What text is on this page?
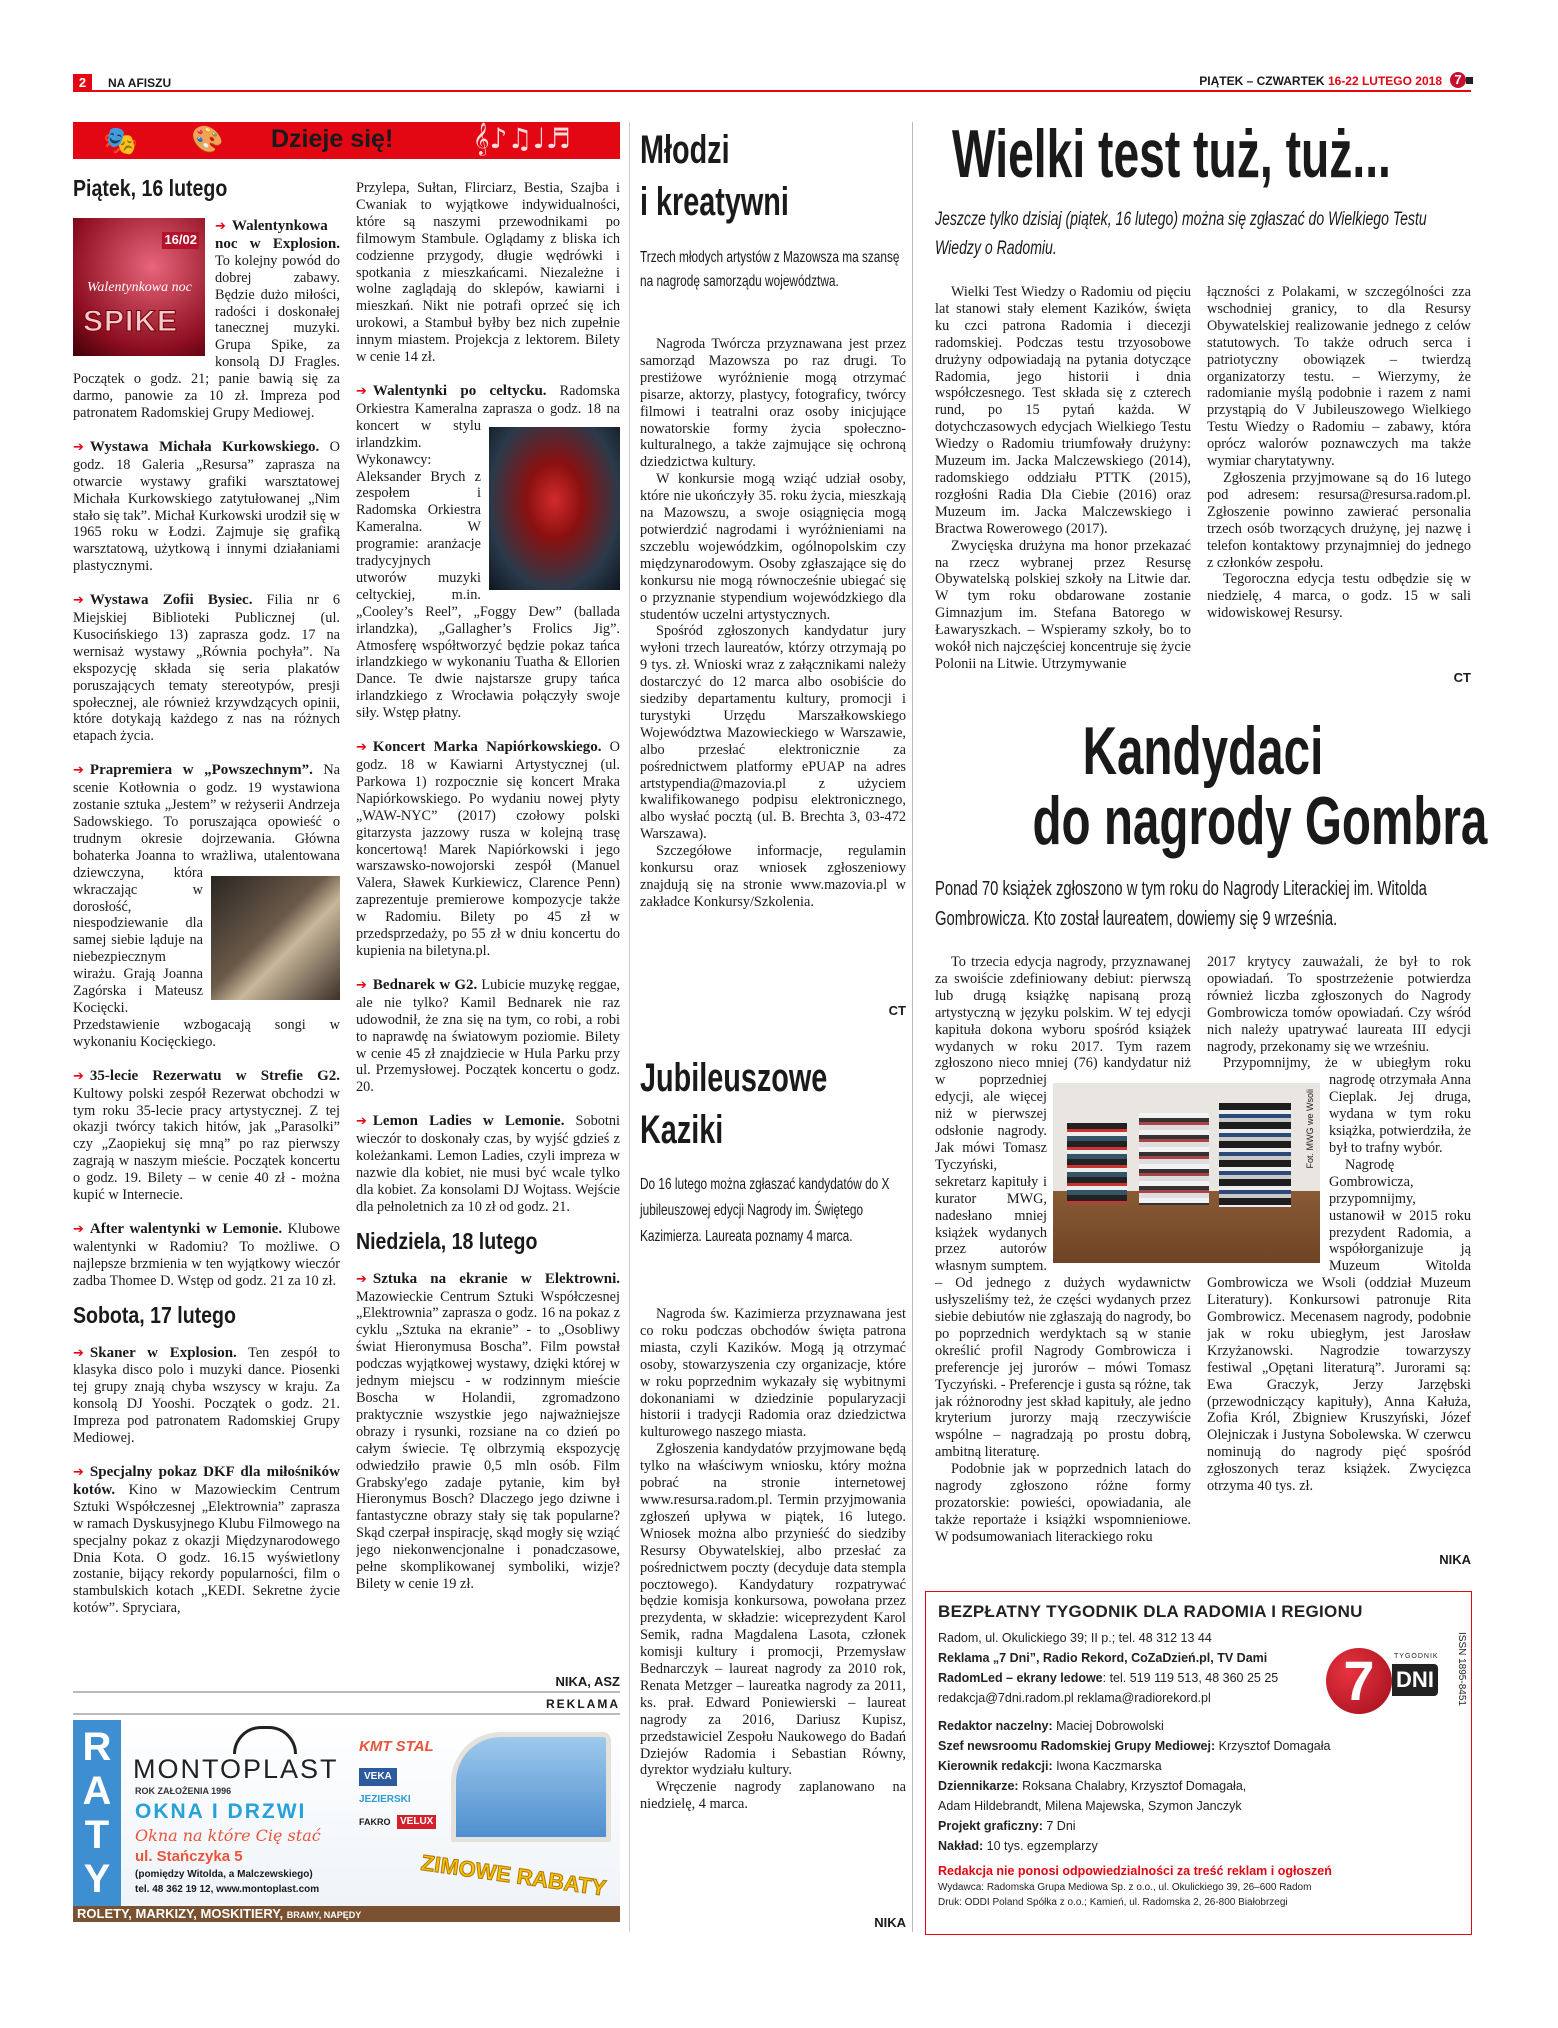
2	NA AFISZU	PIĄTEK – CZWARTEK 16-22 LUTEGO 2018 7
🎭 🎨 Dzieje się!	𝄞♪♫♩♬
Piątek, 16 lutego
16/02
Walentynkowa noc
SPIKE

➔ Walentynkowa noc w Explosion. To kolejny powód do dobrej zabawy. Będzie dużo miłości, radości i doskonałej tanecznej muzyki. Grupa Spike, za konsolą DJ Fragles. Początek o godz. 21; panie bawią się za darmo, panowie za 10 zł. Impreza pod patronatem Radomskiej Grupy Mediowej.

➔ Wystawa Michała Kurkowskiego. O godz. 18 Galeria „Resursa” zaprasza na otwarcie wystawy grafiki warsztatowej Michała Kurkowskiego zatytułowanej „Nim stało się tak”. Michał Kurkowski urodził się w 1965 roku w Łodzi. Zajmuje się grafiką warsztatową, użytkową i innymi działaniami plastycznymi.

➔ Wystawa Zofii Bysiec. Filia nr 6 Miejskiej Biblioteki Publicznej (ul. Kusocińskiego 13) zaprasza godz. 17 na wernisaż wystawy „Równia pochyła”. Na ekspozycję składa się seria plakatów poruszających tematy stereotypów, presji społecznej, ale również krzywdzących opinii, które dotykają każdego z nas na różnych etapach życia.

➔ Prapremiera w „Powszechnym”. Na scenie Kotłownia o godz. 19 wystawiona zostanie sztuka „Jestem” w reżyserii Andrzeja Sadowskiego. To poruszająca opowieść o trudnym okresie dojrzewania. Główna bohaterka Joanna to wrażliwa, utalentowana dziewczyna, która wkraczając w dorosłość, niespodziewanie dla samej siebie ląduje na niebezpiecznym wirażu. Grają Joanna Zagórska i Mateusz Kocięcki. Przedstawienie wzbogacają songi w wykonaniu Kocięckiego.

➔ 35-lecie Rezerwatu w Strefie G2. Kultowy polski zespół Rezerwat obchodzi w tym roku 35-lecie pracy artystycznej. Z tej okazji twórcy takich hitów, jak „Parasolki” czy „Zaopiekuj się mną” po raz pierwszy zagrają w naszym mieście. Początek koncertu o godz. 19. Bilety – w cenie 40 zł - można kupić w Internecie.

➔ After walentynki w Lemonie. Klubowe walentynki w Radomiu? To możliwe. O najlepsze brzmienia w ten wyjątkowy wieczór zadba Thomee D. Wstęp od godz. 21 za 10 zł.

Sobota, 17 lutego

➔ Skaner w Explosion. Ten zespół to klasyka disco polo i muzyki dance. Piosenki tej grupy znają chyba wszyscy w kraju. Za konsolą DJ Yooshi. Początek o godz. 21. Impreza pod patronatem Radomskiej Grupy Mediowej.

➔ Specjalny pokaz DKF dla miłośników kotów. Kino w Mazowieckim Centrum Sztuki Współczesnej „Elektrownia” zaprasza w ramach Dyskusyjnego Klubu Filmowego na specjalny pokaz z okazji Międzynarodowego Dnia Kota. O godz. 16.15 wyświetlony zostanie, bijący rekordy popularności, film o stambulskich kotach „KEDI. Sekretne życie kotów”. Spryciara,

Przylepa, Sułtan, Flirciarz, Bestia, Szajba i Cwaniak to wyjątkowe indywidualności, które są naszymi przewodnikami po filmowym Stambule. Oglądamy z bliska ich codzienne przygody, długie wędrówki i spotkania z mieszkańcami. Niezależne i wolne zaglądają do sklepów, kawiarni i mieszkań. Nikt nie potrafi oprzeć się ich urokowi, a Stambuł byłby bez nich zupełnie innym miastem. Projekcja z lektorem. Bilety w cenie 14 zł.

➔ Walentynki po celtycku. Radomska Orkiestra Kameralna zaprasza o godz. 18 na koncert w stylu irlandzkim. Wykonawcy: Aleksander Brych z zespołem i Radomska Orkiestra Kameralna. W programie: aranżacje tradycyjnych utworów muzyki celtyckiej, m.in. „Cooley’s Reel”, „Foggy Dew” (ballada irlandzka), „Gallagher’s Frolics Jig”. Atmosferę współtworzyć będzie pokaz tańca irlandzkiego w wykonaniu Tuatha & Ellorien Dance. Te dwie najstarsze grupy tańca irlandzkiego z Wrocławia połączyły swoje siły. Wstęp płatny.

➔ Koncert Marka Napiórkowskiego. O godz. 18 w Kawiarni Artystycznej (ul. Parkowa 1) rozpocznie się koncert Mraka Napiórkowskiego. Po wydaniu nowej płyty „WAW-NYC” (2017) czołowy polski gitarzysta jazzowy rusza w kolejną trasę koncertową! Marek Napiórkowski i jego warszawsko-nowojorski zespół (Manuel Valera, Sławek Kurkiewicz, Clarence Penn) zaprezentuje premierowe kompozycje także w Radomiu. Bilety po 45 zł w przedsprzedaży, po 55 zł w dniu koncertu do kupienia na biletyna.pl.

➔ Bednarek w G2. Lubicie muzykę reggae, ale nie tylko? Kamil Bednarek nie raz udowodnił, że zna się na tym, co robi, a robi to naprawdę na światowym poziomie. Bilety w cenie 45 zł znajdziecie w Hula Parku przy ul. Przemysłowej. Początek koncertu o godz. 20.

➔ Lemon Ladies w Lemonie. Sobotni wieczór to doskonały czas, by wyjść gdzieś z koleżankami. Lemon Ladies, czyli impreza w nazwie dla kobiet, nie musi być wcale tylko dla kobiet. Za konsolami DJ Wojtass. Wejście dla pełnoletnich za 10 zł od godz. 21.

Niedziela, 18 lutego

➔ Sztuka na ekranie w Elektrowni. Mazowieckie Centrum Sztuki Współczesnej „Elektrownia” zaprasza o godz. 16 na pokaz z cyklu „Sztuka na ekranie” - to „Osobliwy świat Hieronymusa Boscha”. Film powstał podczas wyjątkowej wystawy, dzięki której w jednym miejscu - w rodzinnym mieście Boscha w Holandii, zgromadzono praktycznie wszystkie jego najważniejsze obrazy i rysunki, rozsiane na co dzień po całym świecie. Tę olbrzymią ekspozycję odwiedziło prawie 0,5 mln osób. Film Grabsky'ego zadaje pytanie, kim był Hieronymus Bosch? Dlaczego jego dziwne i fantastyczne obrazy stały się tak popularne? Skąd czerpał inspirację, skąd mogły się wziąć jego niekonwencjonalne i ponadczasowe, pełne skomplikowanej symboliki, wizje? Bilety w cenie 19 zł.

NIKA, ASZ
REKLAMA
RATY
MONTOPLAST
ROK ZAŁOŻENIA 1996
OKNA I DRZWI
Okna na które Cię stać
ul. Stańczyka 5
(pomiędzy Witolda, a Malczewskiego)
tel. 48 362 19 12, www.montoplast.com
KMT STAL
VEKA
JEZIERSKI
FAKRO VELUX
ZIMOWE RABATY
ROLETY, MARKIZY, MOSKITIERY, BRAMY, NAPĘDY
Młodzi
i kreatywni
Trzech młodych artystów z Mazowsza ma szansę na nagrodę samorządu województwa.

Nagroda Twórcza przyznawana jest przez samorząd Mazowsza po raz drugi. To prestiżowe wyróżnienie mogą otrzymać pisarze, aktorzy, plastycy, fotograficy, twórcy filmowi i teatralni oraz osoby inicjujące nowatorskie formy życia społeczno-kulturalnego, a także zajmujące się ochroną dziedzictwa kultury.

W konkursie mogą wziąć udział osoby, które nie ukończyły 35. roku życia, mieszkają na Mazowszu, a swoje osiągnięcia mogą potwierdzić nagrodami i wyróżnieniami na szczeblu wojewódzkim, ogólnopolskim czy międzynarodowym. Osoby zgłaszające się do konkursu nie mogą równocześnie ubiegać się o przyznanie stypendium wojewódzkiego dla studentów uczelni artystycznych.

Spośród zgłoszonych kandydatur jury wyłoni trzech laureatów, którzy otrzymają po 9 tys. zł. Wnioski wraz z załącznikami należy dostarczyć do 12 marca albo osobiście do siedziby departamentu kultury, promocji i turystyki Urzędu Marszałkowskiego Województwa Mazowieckiego w Warszawie, albo przesłać elektronicznie za pośrednictwem platformy ePUAP na adres artstypendia@mazovia.pl z użyciem kwalifikowanego podpisu elektronicznego, albo wysłać pocztą (ul. B. Brechta 3, 03-472 Warszawa).

Szczegółowe informacje, regulamin konkursu oraz wniosek zgłoszeniowy znajdują się na stronie www.mazovia.pl w zakładce Konkursy/Szkolenia.

CT
Jubileuszowe
Kaziki
Do 16 lutego można zgłaszać kandydatów do X jubileuszowej edycji Nagrody im. Świętego Kazimierza. Laureata poznamy 4 marca.

Nagroda św. Kazimierza przyznawana jest co roku podczas obchodów święta patrona miasta, czyli Kazików. Mogą ją otrzymać osoby, stowarzyszenia czy organizacje, które w roku poprzednim wykazały się wybitnymi dokonaniami w dziedzinie popularyzacji historii i tradycji Radomia oraz dziedzictwa kulturowego naszego miasta.

Zgłoszenia kandydatów przyjmowane będą tylko na właściwym wniosku, który można pobrać na stronie internetowej www.resursa.radom.pl. Termin przyjmowania zgłoszeń upływa w piątek, 16 lutego. Wniosek można albo przynieść do siedziby Resursy Obywatelskiej, albo przesłać za pośrednictwem poczty (decyduje data stempla pocztowego). Kandydatury rozpatrywać będzie komisja konkursowa, powołana przez prezydenta, w składzie: wiceprezydent Karol Semik, radna Magdalena Lasota, członek komisji kultury i promocji, Przemysław Bednarczyk – laureat nagrody za 2010 rok, Renata Metzger – laureatka nagrody za 2011, ks. prał. Edward Poniewierski – laureat nagrody za 2016, Dariusz Kupisz, przedstawiciel Zespołu Naukowego do Badań Dziejów Radomia i Sebastian Równy, dyrektor wydziału kultury.

Wręczenie nagrody zaplanowano na niedzielę, 4 marca.

NIKA
Wielki test tuż, tuż...
Jeszcze tylko dzisiaj (piątek, 16 lutego) można się zgłaszać do Wielkiego Testu Wiedzy o Radomiu.

Wielki Test Wiedzy o Radomiu od pięciu lat stanowi stały element Kazików, święta ku czci patrona Radomia i diecezji radomskiej. Podczas testu trzyosobowe drużyny odpowiadają na pytania dotyczące Radomia, jego historii i dnia współczesnego. Test składa się z czterech rund, po 15 pytań każda. W dotychczasowych edycjach Wielkiego Testu Wiedzy o Radomiu triumfowały drużyny: Muzeum im. Jacka Malczewskiego (2014), radomskiego oddziału PTTK (2015), rozgłośni Radia Dla Ciebie (2016) oraz Muzeum im. Jacka Malczewskiego i Bractwa Rowerowego (2017).

Zwycięska drużyna ma honor przekazać na rzecz wybranej przez Resursę Obywatelską polskiej szkoły na Litwie dar. W tym roku obdarowane zostanie Gimnazjum im. Stefana Batorego w Ławaryszkach. – Wspieramy szkoły, bo to wokół nich najczęściej koncentruje się życie Polonii na Litwie. Utrzymywanie

łączności z Polakami, w szczególności zza wschodniej granicy, to dla Resursy Obywatelskiej realizowanie jednego z celów statutowych. To także odruch serca i patriotyczny obowiązek – twierdzą organizatorzy testu. – Wierzymy, że radomianie myślą podobnie i razem z nami przystąpią do V Jubileuszowego Wielkiego Testu Wiedzy o Radomiu – zabawy, która oprócz walorów poznawczych ma także wymiar charytatywny.

Zgłoszenia przyjmowane są do 16 lutego pod adresem: resursa@resursa.radom.pl. Zgłoszenie powinno zawierać personalia trzech osób tworzących drużynę, jej nazwę i telefon kontaktowy przynajmniej do jednego z członków zespołu.

Tegoroczna edycja testu odbędzie się w niedzielę, 4 marca, o godz. 15 w sali widowiskowej Resursy.

CT
Kandydaci
do nagrody Gombra
Ponad 70 książek zgłoszono w tym roku do Nagrody Literackiej im. Witolda Gombrowicza. Kto został laureatem, dowiemy się 9 września.

To trzecia edycja nagrody, przyznawanej za swoiście zdefiniowany debiut: pierwszą lub drugą książkę napisaną prozą artystyczną w języku polskim. W tej edycji kapituła dokona wyboru spośród książek wydanych w roku 2017. Tym razem zgłoszono nieco mniej (76) kandydatur niż w poprzedniej edycji, ale więcej niż w pierwszej odsłonie nagrody. Jak mówi Tomasz Tyczyński, sekretarz kapituły i kurator MWG, nadesłano mniej książek wydanych przez autorów własnym sumptem. – Od jednego z dużych wydawnictw usłyszeliśmy też, że części wydanych przez siebie debiutów nie zgłaszają do nagrody, bo po poprzednich werdyktach są w stanie określić profil Nagrody Gombrowicza i preferencje jej jurorów – mówi Tomasz Tyczyński. - Preferencje i gusta są różne, tak jak różnorodny jest skład kapituły, ale jedno kryterium jurorzy mają rzeczywiście wspólne – nagradzają po prostu dobrą, ambitną literaturę.

Podobnie jak w poprzednich latach do nagrody zgłoszono różne formy prozatorskie: powieści, opowiadania, ale także reportaże i książki wspomnieniowe. W podsumowaniach literackiego roku

2017 krytycy zauważali, że był to rok opowiadań. To spostrzeżenie potwierdza również liczba zgłoszonych do Nagrody Gombrowicza tomów opowiadań. Czy wśród nich należy upatrywać laureata III edycji nagrody, przekonamy się we wrześniu.

Przypomnijmy, że w ubiegłym roku nagrodę otrzymała Anna Cieplak. Jej druga, wydana w tym roku książka, potwierdziła, że był to trafny wybór.

Nagrodę Gombrowicza, przypomnijmy, ustanowił w 2015 roku prezydent Radomia, a współorganizuje ją Muzeum Witolda Gombrowicza we Wsoli (oddział Muzeum Literatury). Konkursowi patronuje Rita Gombrowicz. Mecenasem nagrody, podobnie jak w roku ubiegłym, jest Jarosław Krzyżanowski. Nagrodzie towarzyszy festiwal „Opętani literaturą”. Jurorami są: Ewa Graczyk, Jerzy Jarzębski (przewodniczący kapituły), Anna Kałuża, Zofia Król, Zbigniew Kruszyński, Józef Olejniczak i Justyna Sobolewska. W czerwcu nominują do nagrody pięć spośród zgłoszonych teraz książek. Zwycięzca otrzyma 40 tys. zł.

Fot. MWG we Wsoli
NIKA
BEZPŁATNY TYGODNIK DLA RADOMIA I REGIONU
Radom, ul. Okulickiego 39; II p.; tel. 48 312 13 44
Reklama „7 Dni”, Radio Rekord, CoZaDzień.pl, TV Dami
RadomLed – ekrany ledowe: tel. 519 119 513, 48 360 25 25
redakcja@7dni.radom.pl reklama@radiorekord.pl
Redaktor naczelny: Maciej Dobrowolski
Szef newsroomu Radomskiej Grupy Mediowej: Krzysztof Domagała
Kierownik redakcji: Iwona Kaczmarska
Dziennikarze: Roksana Chalabry, Krzysztof Domagała,
Adam Hildebrandt, Milena Majewska, Szymon Janczyk
Projekt graficzny: 7 Dni
Nakład: 10 tys. egzemplarzy
Redakcja nie ponosi odpowiedzialności za treść reklam i ogłoszeń
Wydawca: Radomska Grupa Mediowa Sp. z o.o., ul. Okulickiego 39, 26–600 Radom
Druk: ODDI Poland Spółka z o.o.; Kamień, ul. Radomska 2, 26-800 Białobrzegi
ISSN 1895-8451
7 DNI
TYGODNIK
